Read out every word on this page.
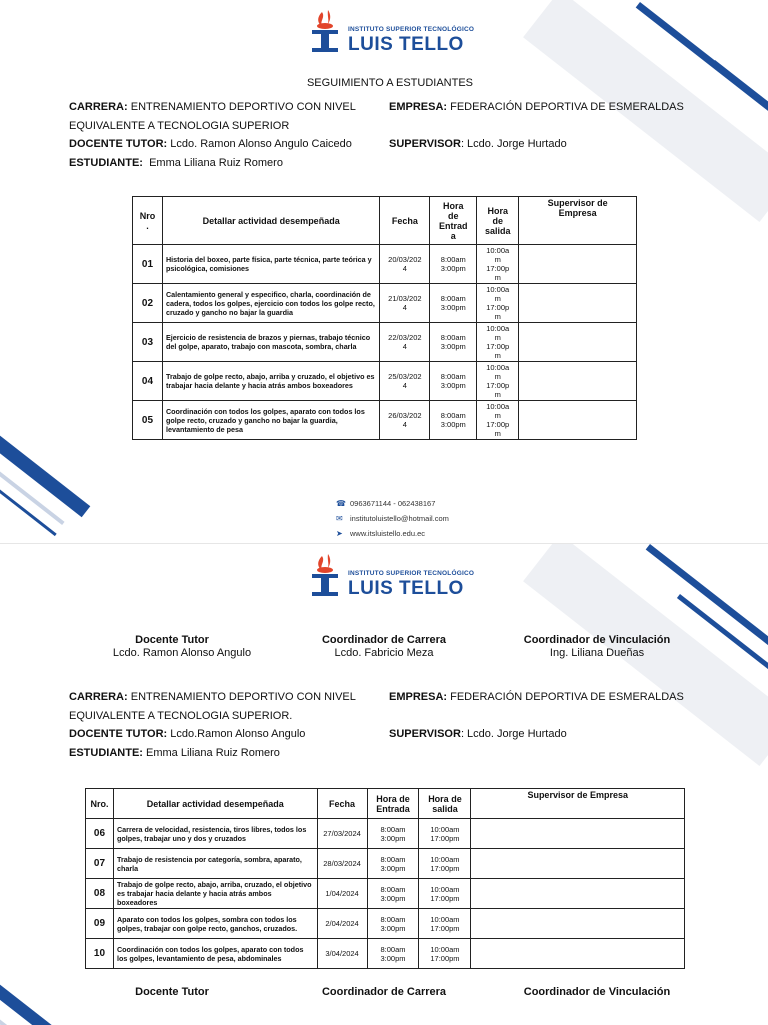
INSTITUTO SUPERIOR TECNOLÓGICO
LUIS TELLO
SEGUIMIENTO A ESTUDIANTES
CARRERA: ENTRENAMIENTO DEPORTIVO CON NIVEL
EQUIVALENTE A TECNOLOGIA SUPERIOR
DOCENTE TUTOR: Lcdo. Ramon Alonso Angulo Caicedo
ESTUDIANTE: Emma Liliana Ruiz Romero
EMPRESA: FEDERACIÓN DEPORTIVA DE ESMERALDAS
SUPERVISOR: Lcdo. Jorge Hurtado
Nro
.	Detallar actividad desempeñada	Fecha	Hora
de
Entrad
a	Hora
de
salida	Supervisor de
Empresa
01	Historia del boxeo, parte física, parte técnica, parte teórica y psicológica, comisiones	20/03/202
4	8:00am
3:00pm	10:00a
m
17:00p
m	
02	Calentamiento general y especifico, charla, coordinación de cadera, todos los golpes, ejercicio con todos los golpe recto, cruzado y gancho no bajar la guardia	21/03/202
4	8:00am
3:00pm	10:00a
m
17:00p
m	
03	Ejercicio de resistencia de brazos y piernas, trabajo técnico del golpe, aparato, trabajo con mascota, sombra, charla	22/03/202
4	8:00am
3:00pm	10:00a
m
17:00p
m	
04	Trabajo de golpe recto, abajo, arriba y cruzado, el objetivo es trabajar hacia delante y hacia atrás ambos boxeadores	25/03/202
4	8:00am
3:00pm	10:00a
m
17:00p
m	
05	Coordinación con todos los golpes, aparato con todos los golpe recto, cruzado y gancho no bajar la guardia, levantamiento de pesa	26/03/202
4	8:00am
3:00pm	10:00a
m
17:00p
m	
☎ 0963671144 - 062438167
✉ institutoluistello@hotmail.com
➤ www.itsluistello.edu.ec
INSTITUTO SUPERIOR TECNOLÓGICO
LUIS TELLO
Docente Tutor
Lcdo. Ramon Alonso Angulo
Coordinador de Carrera
Lcdo. Fabricio Meza
Coordinador de Vinculación
Ing. Liliana Dueñas
CARRERA: ENTRENAMIENTO DEPORTIVO CON NIVEL
EQUIVALENTE A TECNOLOGIA SUPERIOR.
DOCENTE TUTOR: Lcdo.Ramon Alonso Angulo
ESTUDIANTE: Emma Liliana Ruiz Romero
EMPRESA: FEDERACIÓN DEPORTIVA DE ESMERALDAS
SUPERVISOR: Lcdo. Jorge Hurtado
Nro.	Detallar actividad desempeñada	Fecha	Hora de
Entrada	Hora de
salida	Supervisor de Empresa
06	Carrera de velocidad, resistencia, tiros libres, todos los golpes, trabajar uno y dos y cruzados	27/03/2024	8:00am
3:00pm	10:00am
17:00pm	
07	Trabajo de resistencia por categoría, sombra, aparato, charla	28/03/2024	8:00am
3:00pm	10:00am
17:00pm	
08	Trabajo de golpe recto, abajo, arriba, cruzado, el objetivo es trabajar hacia delante y hacia atrás ambos boxeadores	1/04/2024	8:00am
3:00pm	10:00am
17:00pm	
09	Aparato con todos los golpes, sombra con todos los golpes, trabajar con golpe recto, ganchos, cruzados.	2/04/2024	8:00am
3:00pm	10:00am
17:00pm	
10	Coordinación con todos los golpes, aparato con todos los golpes, levantamiento de pesa, abdominales	3/04/2024	8:00am
3:00pm	10:00am
17:00pm	
Docente Tutor	Coordinador de Carrera	Coordinador de Vinculación
